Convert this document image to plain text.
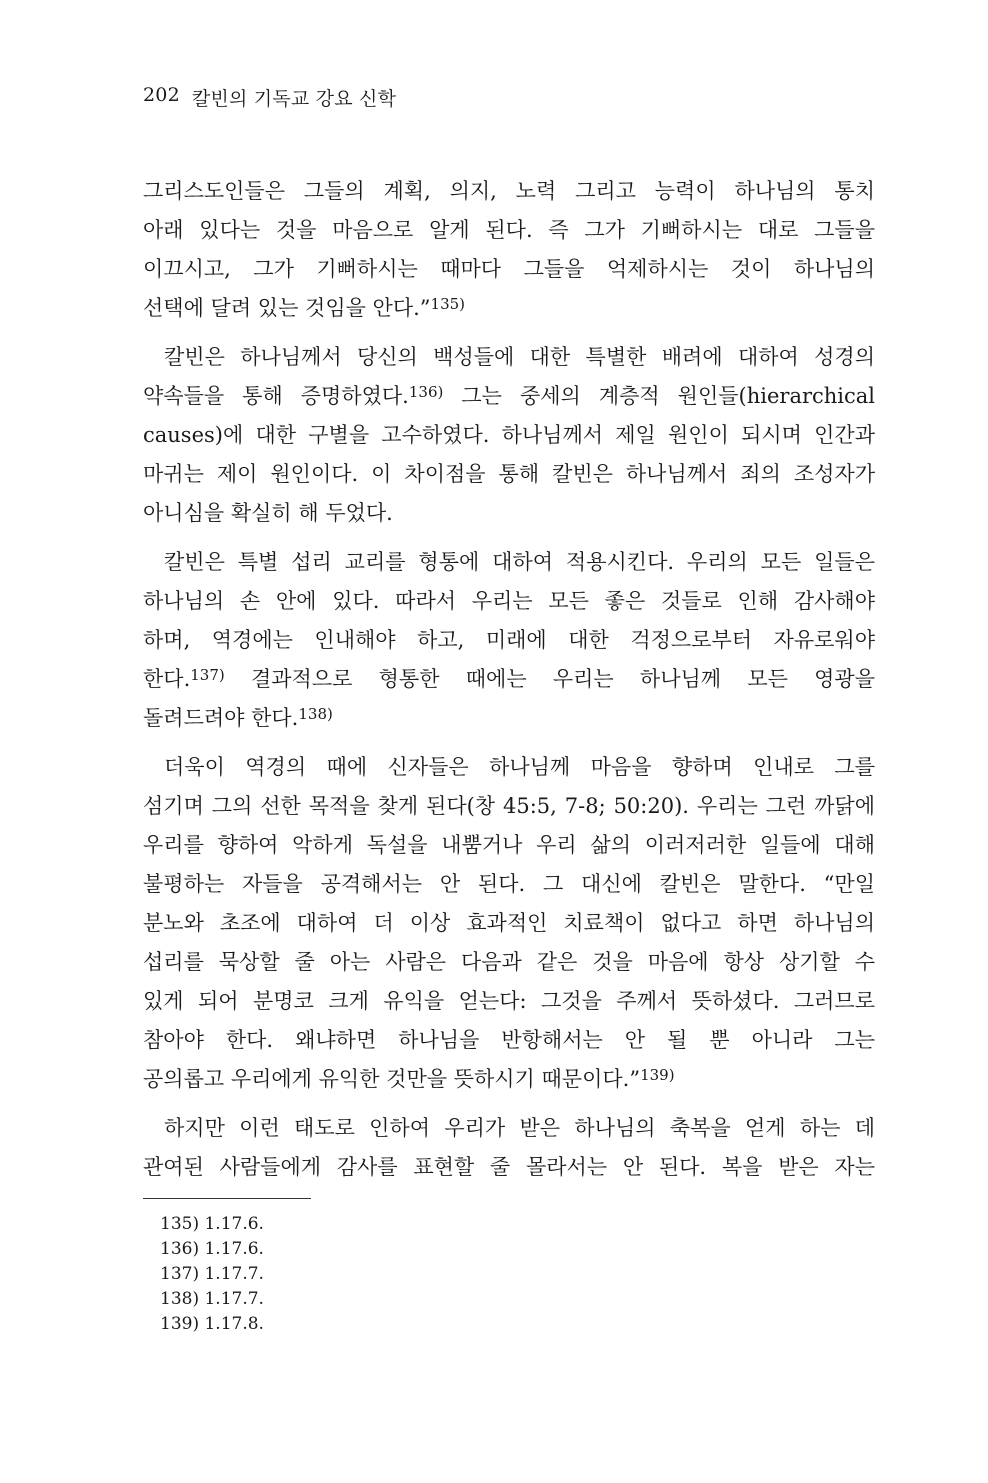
202 칼빈의 기독교 강요 신학
그리스도인들은 그들의 계획, 의지, 노력 그리고 능력이 하나님의 통치
아래 있다는 것을 마음으로 알게 된다. 즉 그가 기뻐하시는 대로 그들을
이끄시고, 그가 기뻐하시는 때마다 그들을 억제하시는 것이 하나님의
선택에 달려 있는 것임을 안다.”$^{135)}$
칼빈은 하나님께서 당신의 백성들에 대한 특별한 배려에 대하여 성경의
약속들을 통해 증명하였다.$^{136)}$ 그는 중세의 계층적 원인들(hierarchical
causes)에 대한 구별을 고수하였다. 하나님께서 제일 원인이 되시며 인간과
마귀는 제이 원인이다. 이 차이점을 통해 칼빈은 하나님께서 죄의 조성자가
아니심을 확실히 해 두었다.
칼빈은 특별 섭리 교리를 형통에 대하여 적용시킨다. 우리의 모든 일들은
하나님의 손 안에 있다. 따라서 우리는 모든 좋은 것들로 인해 감사해야
하며, 역경에는 인내해야 하고, 미래에 대한 걱정으로부터 자유로워야
한다.$^{137)}$ 결과적으로 형통한 때에는 우리는 하나님께 모든 영광을
돌려드려야 한다.$^{138)}$
더욱이 역경의 때에 신자들은 하나님께 마음을 향하며 인내로 그를
섬기며 그의 선한 목적을 찾게 된다(창 45:5, 7-8; 50:20). 우리는 그런 까닭에
우리를 향하여 악하게 독설을 내뿜거나 우리 삶의 이러저러한 일들에 대해
불평하는 자들을 공격해서는 안 된다. 그 대신에 칼빈은 말한다. “만일
분노와 초조에 대하여 더 이상 효과적인 치료책이 없다고 하면 하나님의
섭리를 묵상할 줄 아는 사람은 다음과 같은 것을 마음에 항상 상기할 수
있게 되어 분명코 크게 유익을 얻는다: 그것을 주께서 뜻하셨다. 그러므로
참아야 한다. 왜냐하면 하나님을 반항해서는 안 될 뿐 아니라 그는
공의롭고 우리에게 유익한 것만을 뜻하시기 때문이다.”$^{139)}$
하지만 이런 태도로 인하여 우리가 받은 하나님의 축복을 얻게 하는 데
관여된 사람들에게 감사를 표현할 줄 몰라서는 안 된다. 복을 받은 자는
135) 1.17.6.
136) 1.17.6.
137) 1.17.7.
138) 1.17.7.
139) 1.17.8.
